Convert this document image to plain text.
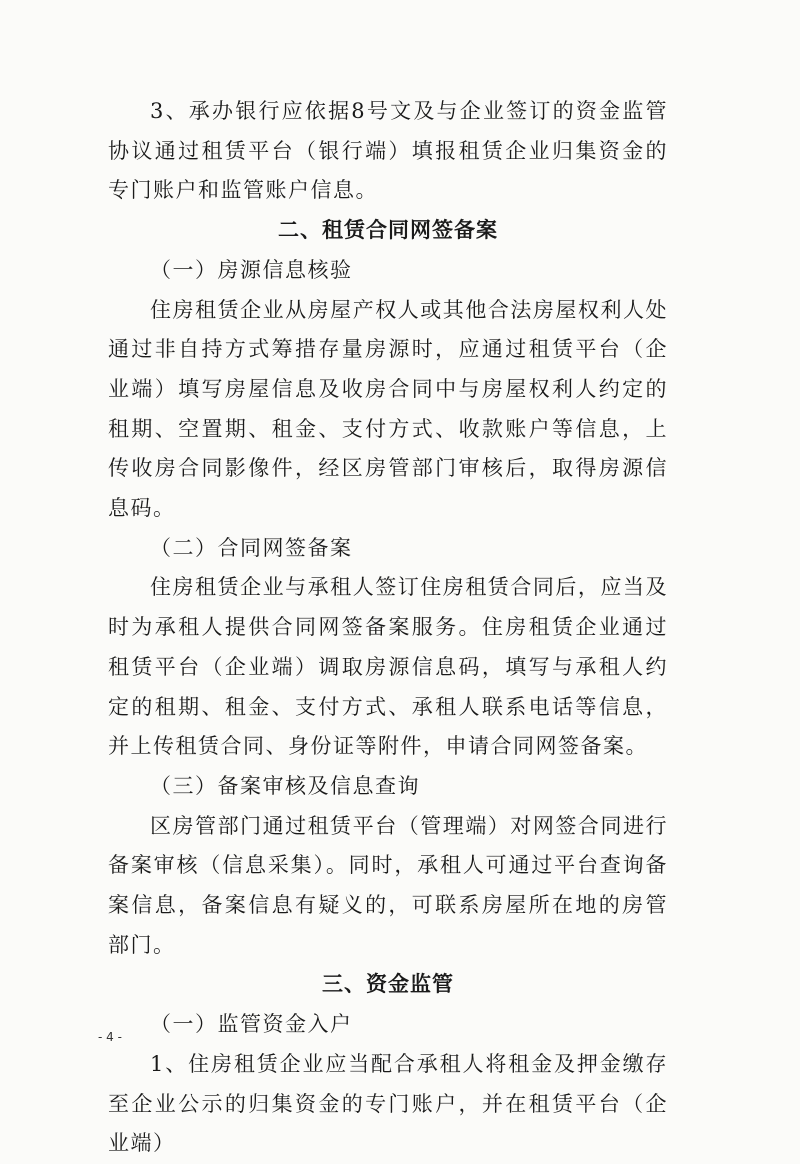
3、承办银行应依据8号文及与企业签订的资金监管协议通过租赁平台（银行端）填报租赁企业归集资金的专门账户和监管账户信息。

二、租赁合同网签备案

（一）房源信息核验

住房租赁企业从房屋产权人或其他合法房屋权利人处通过非自持方式筹措存量房源时，应通过租赁平台（企业端）填写房屋信息及收房合同中与房屋权利人约定的租期、空置期、租金、支付方式、收款账户等信息，上传收房合同影像件，经区房管部门审核后，取得房源信息码。

（二）合同网签备案

住房租赁企业与承租人签订住房租赁合同后，应当及时为承租人提供合同网签备案服务。住房租赁企业通过租赁平台（企业端）调取房源信息码，填写与承租人约定的租期、租金、支付方式、承租人联系电话等信息，并上传租赁合同、身份证等附件，申请合同网签备案。

（三）备案审核及信息查询

区房管部门通过租赁平台（管理端）对网签合同进行备案审核（信息采集）。同时，承租人可通过平台查询备案信息，备案信息有疑义的，可联系房屋所在地的房管部门。

三、资金监管

（一）监管资金入户

1、住房租赁企业应当配合承租人将租金及押金缴存至企业公示的归集资金的专门账户，并在租赁平台（企业端）

- 4 -
